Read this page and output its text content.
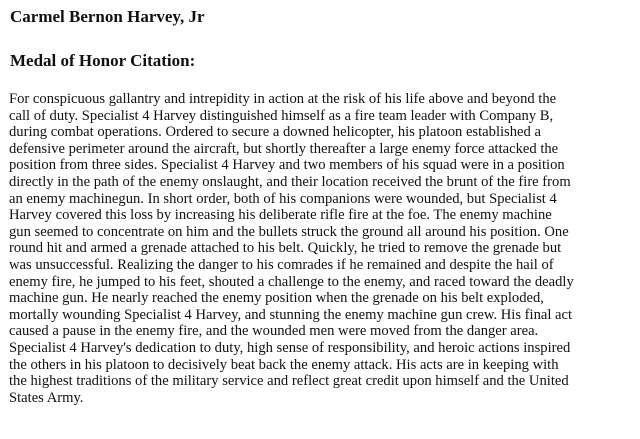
Carmel Bernon Harvey, Jr
Medal of Honor Citation:

For conspicuous gallantry and intrepidity in action at the risk of his life above and beyond the
call of duty. Specialist 4 Harvey distinguished himself as a fire team leader with Company B,
during combat operations. Ordered to secure a downed helicopter, his platoon established a
defensive perimeter around the aircraft, but shortly thereafter a large enemy force attacked the
position from three sides. Specialist 4 Harvey and two members of his squad were in a position
directly in the path of the enemy onslaught, and their location received the brunt of the fire from
an enemy machinegun. In short order, both of his companions were wounded, but Specialist 4
Harvey covered this loss by increasing his deliberate rifle fire at the foe. The enemy machine
gun seemed to concentrate on him and the bullets struck the ground all around his position. One
round hit and armed a grenade attached to his belt. Quickly, he tried to remove the grenade but
was unsuccessful. Realizing the danger to his comrades if he remained and despite the hail of
enemy fire, he jumped to his feet, shouted a challenge to the enemy, and raced toward the deadly
machine gun. He nearly reached the enemy position when the grenade on his belt exploded,
mortally wounding Specialist 4 Harvey, and stunning the enemy machine gun crew. His final act
caused a pause in the enemy fire, and the wounded men were moved from the danger area.
Specialist 4 Harvey's dedication to duty, high sense of responsibility, and heroic actions inspired
the others in his platoon to decisively beat back the enemy attack. His acts are in keeping with
the highest traditions of the military service and reflect great credit upon himself and the United
States Army.
